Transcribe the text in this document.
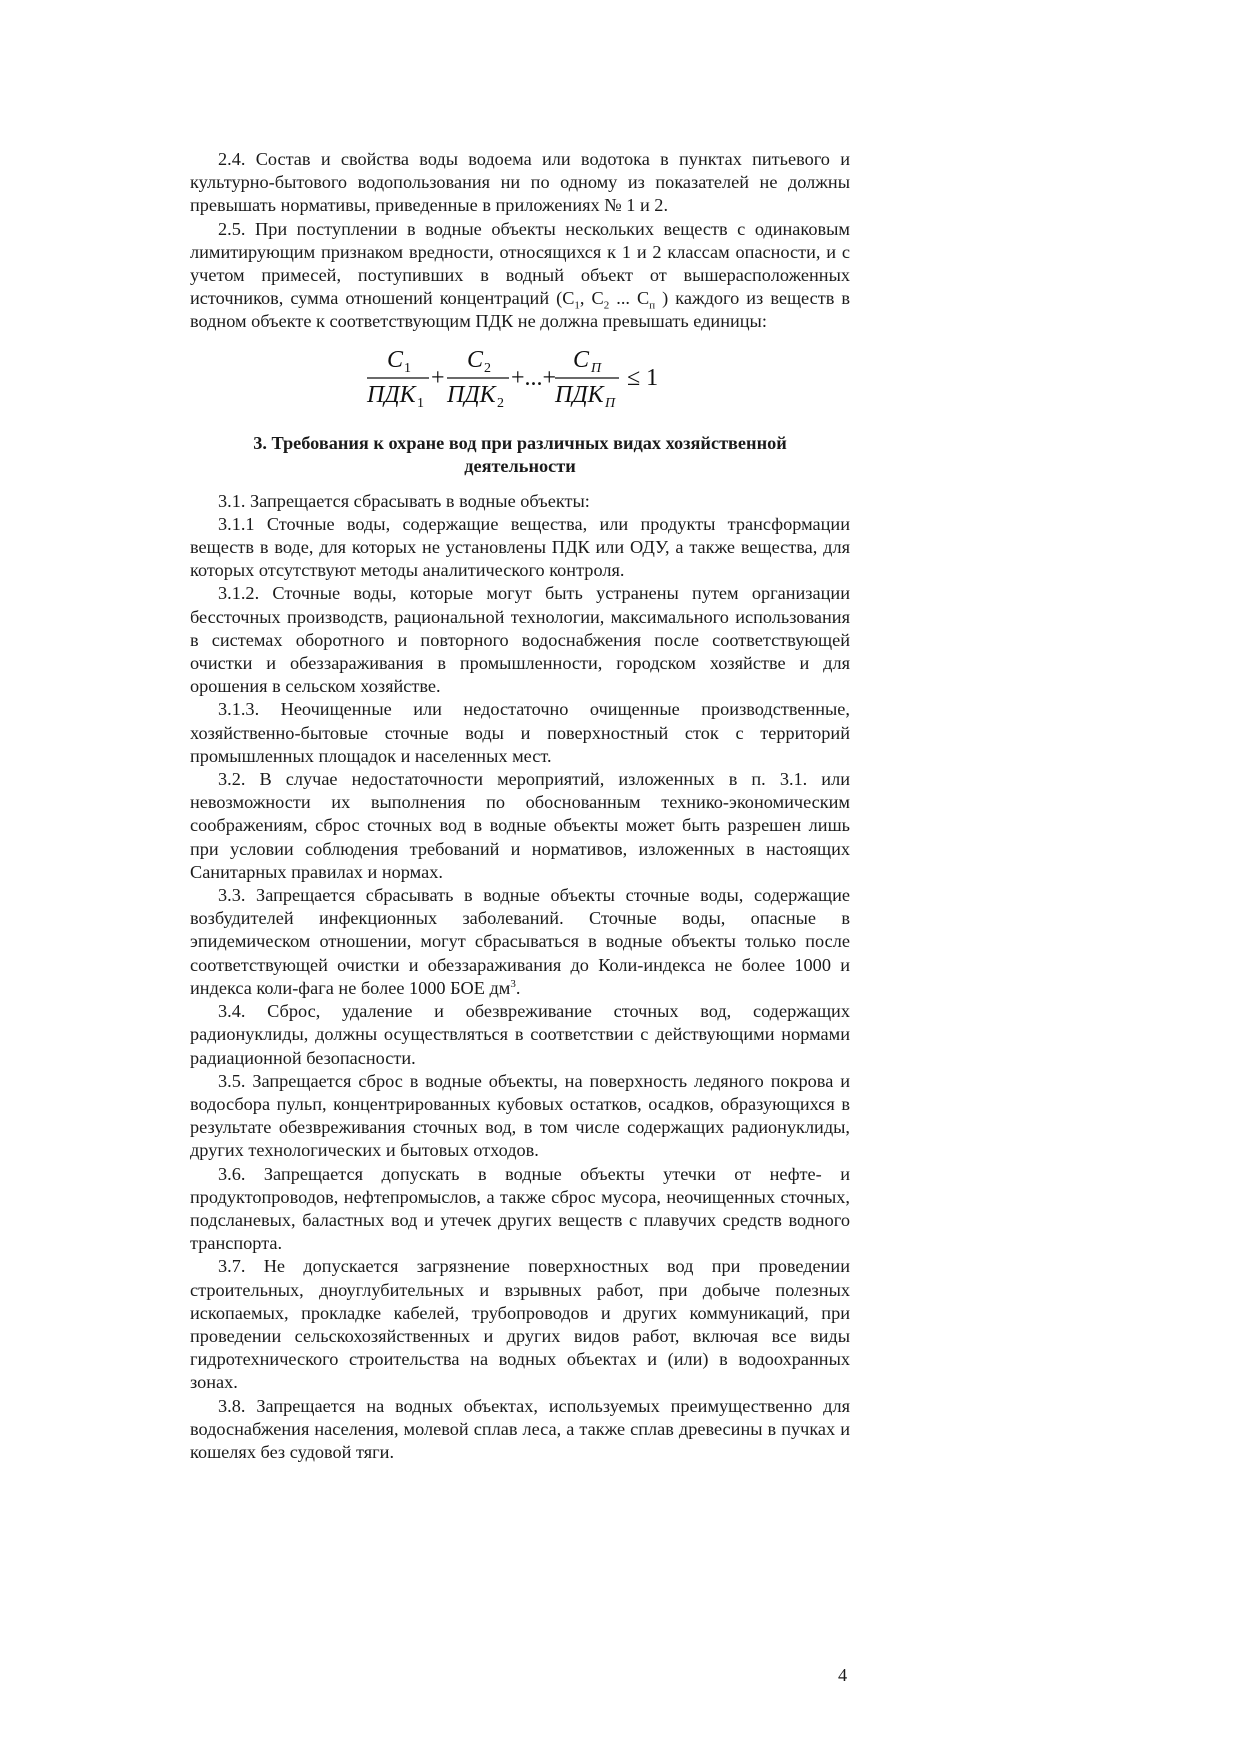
2.4. Состав и свойства воды водоема или водотока в пунктах питьевого и культурно-бытового водопользования ни по одному из показателей не должны превышать нормативы, приведенные в приложениях № 1 и 2.

2.5. При поступлении в водные объекты нескольких веществ с одинаковым лимитирующим признаком вредности, относящихся к 1 и 2 классам опасности, и с учетом примесей, поступивших в водный объект от вышерасположенных источников, сумма отношений концентраций ($С_1$, $С_2$ ... $С_п$ ) каждого из веществ в водном объекте к соответствующим ПДК не должна превышать единицы:

C 1
ПДК 1
+
C 2
ПДК 2
+...+
C П
ПДК П
≤ 1
3. Требования к охране вод при различных видах хозяйственной деятельности

3.1. Запрещается сбрасывать в водные объекты:

3.1.1 Сточные воды, содержащие вещества, или продукты трансформации веществ в воде, для которых не установлены ПДК или ОДУ, а также вещества, для которых отсутствуют методы аналитического контроля.

3.1.2. Сточные воды, которые могут быть устранены путем организации бессточных производств, рациональной технологии, максимального использования в системах оборотного и повторного водоснабжения после соответствующей очистки и обеззараживания в промышленности, городском хозяйстве и для орошения в сельском хозяйстве.

3.1.3. Неочищенные или недостаточно очищенные производственные, хозяйственно-бытовые сточные воды и поверхностный сток с территорий промышленных площадок и населенных мест.

3.2. В случае недостаточности мероприятий, изложенных в п. 3.1. или невозможности их выполнения по обоснованным технико-экономическим соображениям, сброс сточных вод в водные объекты может быть разрешен лишь при условии соблюдения требований и нормативов, изложенных в настоящих Санитарных правилах и нормах.

3.3. Запрещается сбрасывать в водные объекты сточные воды, содержащие возбудителей инфекционных заболеваний. Сточные воды, опасные в эпидемическом отношении, могут сбрасываться в водные объекты только после соответствующей очистки и обеззараживания до Коли-индекса не более 1000 и индекса коли-фага не более 1000 БОЕ $дм^3$.

3.4. Сброс, удаление и обезвреживание сточных вод, содержащих радионуклиды, должны осуществляться в соответствии с действующими нормами радиационной безопасности.

3.5. Запрещается сброс в водные объекты, на поверхность ледяного покрова и водосбора пульп, концентрированных кубовых остатков, осадков, образующихся в результате обезвреживания сточных вод, в том числе содержащих радионуклиды, других технологических и бытовых отходов.

3.6. Запрещается допускать в водные объекты утечки от нефте- и продуктопроводов, нефтепромыслов, а также сброс мусора, неочищенных сточных, подсланевых, баластных вод и утечек других веществ с плавучих средств водного транспорта.

3.7. Не допускается загрязнение поверхностных вод при проведении строительных, дноуглубительных и взрывных работ, при добыче полезных ископаемых, прокладке кабелей, трубопроводов и других коммуникаций, при проведении сельскохозяйственных и других видов работ, включая все виды гидротехнического строительства на водных объектах и (или) в водоохранных зонах.

3.8. Запрещается на водных объектах, используемых преимущественно для водоснабжения населения, молевой сплав леса, а также сплав древесины в пучках и кошелях без судовой тяги.

4
